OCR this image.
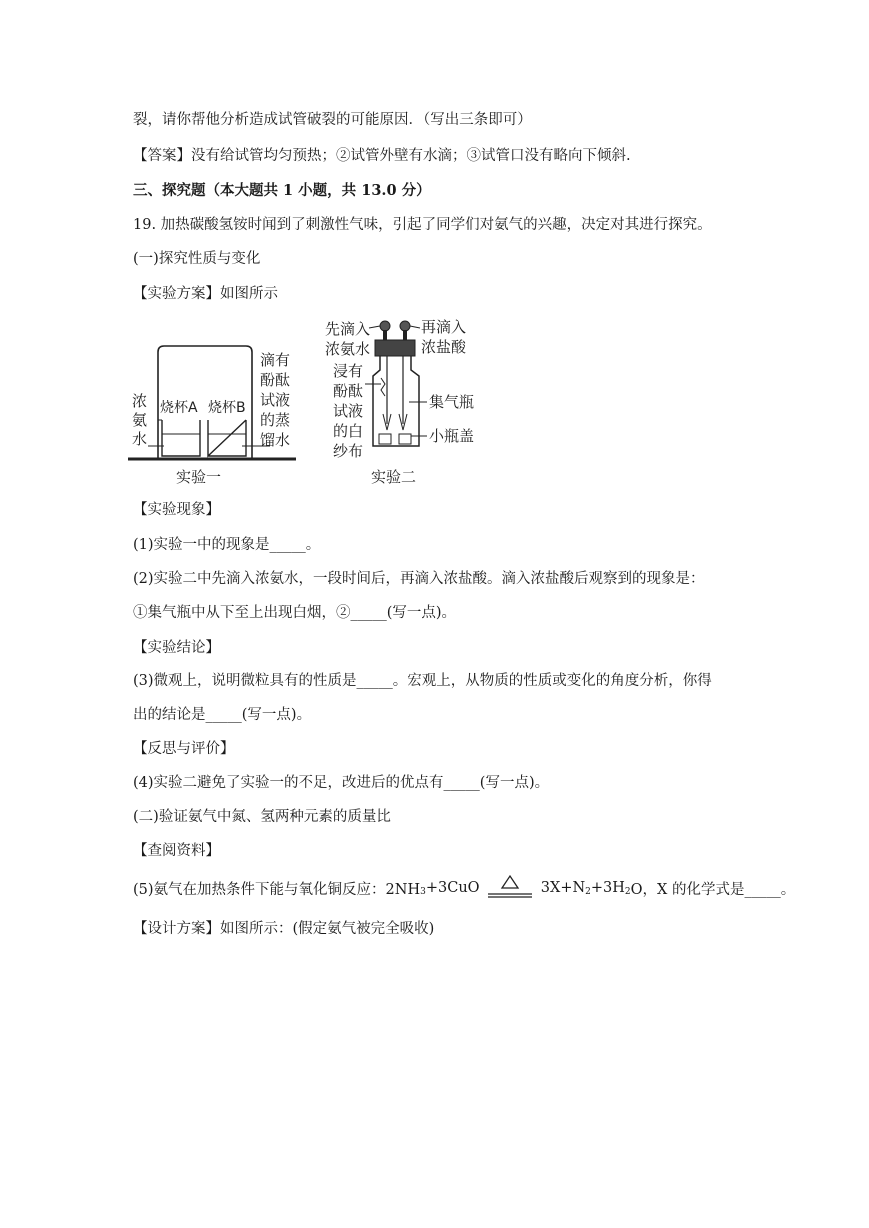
裂，请你帮他分析造成试管破裂的可能原因．（写出三条即可）
【答案】没有给试管均匀预热；②试管外壁有水滴；③试管口没有略向下倾斜.
三、探究题（本大题共 1 小题，共 13.0 分）
19. 加热碳酸氢铵时闻到了刺激性气味，引起了同学们对氨气的兴趣，决定对其进行探究。
(一)探究性质与变化
【实验方案】如图所示
浓
氨
水
烧杯A 烧杯B
滴有
酚酞
试液
的蒸
馏水
实验一
先滴入
浓氨水
再滴入
浓盐酸
浸有
酚酞
试液
的白
纱布
集气瓶
小瓶盖
实验二
【实验现象】
(1)实验一中的现象是_____。
(2)实验二中先滴入浓氨水，一段时间后，再滴入浓盐酸。滴入浓盐酸后观察到的现象是：
①集气瓶中从下至上出现白烟，②_____(写一点)。
【实验结论】
(3)微观上，说明微粒具有的性质是_____。宏观上，从物质的性质或变化的角度分析，你得
出的结论是_____(写一点)。
【反思与评价】
(4)实验二避免了实验一的不足，改进后的优点有_____(写一点)。
(二)验证氨气中氮、氢两种元素的质量比
【查阅资料】
(5)氨气在加热条件下能与氧化铜反应：$2NH_3+3CuO$	$3X+N_2+3H_2O$，X 的化学式是_____。
【设计方案】如图所示：(假定氨气被完全吸收)
